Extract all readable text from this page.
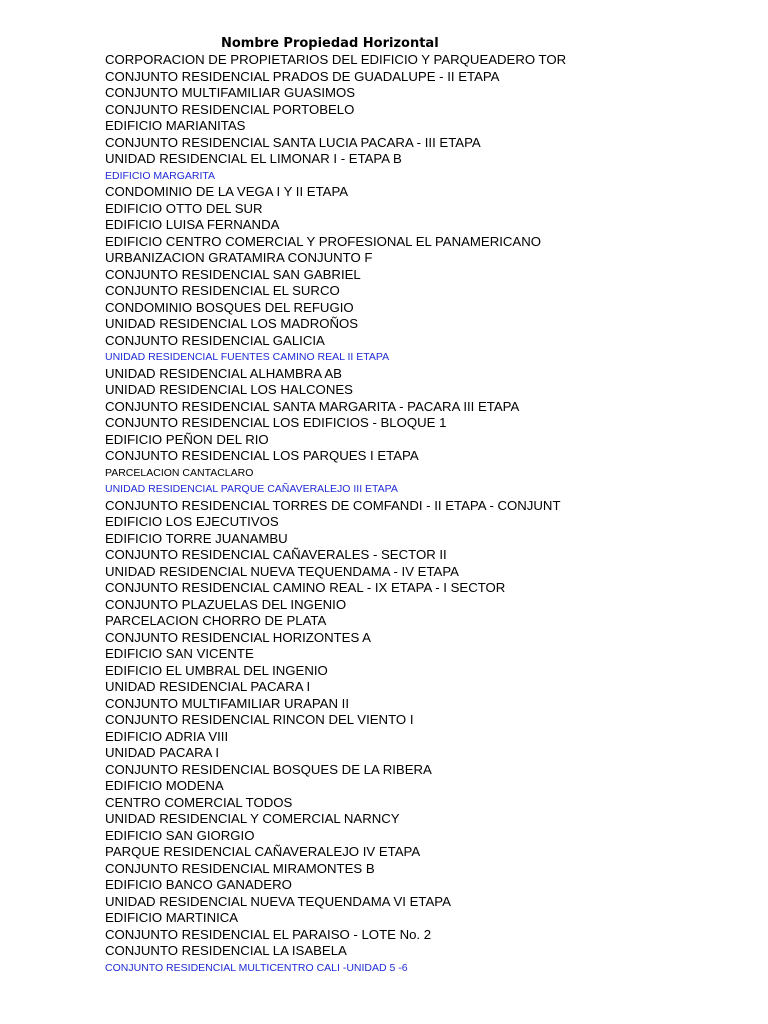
Nombre Propiedad Horizontal
CORPORACION DE PROPIETARIOS DEL EDIFICIO Y PARQUEADERO TOR
CONJUNTO RESIDENCIAL PRADOS DE GUADALUPE - II ETAPA
CONJUNTO MULTIFAMILIAR GUASIMOS
CONJUNTO RESIDENCIAL PORTOBELO
EDIFICIO MARIANITAS
CONJUNTO RESIDENCIAL SANTA LUCIA PACARA - III ETAPA
UNIDAD RESIDENCIAL EL LIMONAR I - ETAPA B
EDIFICIO MARGARITA
CONDOMINIO DE LA VEGA I Y II ETAPA
EDIFICIO OTTO DEL SUR
EDIFICIO LUISA FERNANDA
EDIFICIO CENTRO COMERCIAL Y PROFESIONAL EL PANAMERICANO
URBANIZACION GRATAMIRA CONJUNTO F
CONJUNTO RESIDENCIAL SAN GABRIEL
CONJUNTO RESIDENCIAL EL SURCO
CONDOMINIO BOSQUES DEL REFUGIO
UNIDAD RESIDENCIAL LOS MADROÑOS
CONJUNTO RESIDENCIAL GALICIA
UNIDAD RESIDENCIAL FUENTES CAMINO REAL II ETAPA
UNIDAD RESIDENCIAL ALHAMBRA AB
UNIDAD RESIDENCIAL LOS HALCONES
CONJUNTO RESIDENCIAL SANTA MARGARITA - PACARA III ETAPA
CONJUNTO RESIDENCIAL LOS EDIFICIOS - BLOQUE 1
EDIFICIO PEÑON DEL RIO
CONJUNTO RESIDENCIAL LOS PARQUES I ETAPA
PARCELACION CANTACLARO
UNIDAD RESIDENCIAL PARQUE CAÑAVERALEJO III ETAPA
CONJUNTO RESIDENCIAL TORRES DE COMFANDI - II ETAPA - CONJUNT
EDIFICIO LOS EJECUTIVOS
EDIFICIO TORRE JUANAMBU
CONJUNTO RESIDENCIAL CAÑAVERALES - SECTOR II
UNIDAD RESIDENCIAL NUEVA TEQUENDAMA - IV ETAPA
CONJUNTO RESIDENCIAL CAMINO REAL - IX ETAPA - I SECTOR
CONJUNTO PLAZUELAS DEL INGENIO
PARCELACION CHORRO DE PLATA
CONJUNTO RESIDENCIAL HORIZONTES A
EDIFICIO SAN VICENTE
EDIFICIO EL UMBRAL DEL INGENIO
UNIDAD RESIDENCIAL PACARA I
CONJUNTO MULTIFAMILIAR URAPAN II
CONJUNTO RESIDENCIAL RINCON DEL VIENTO I
EDIFICIO ADRIA VIII
UNIDAD PACARA I
CONJUNTO RESIDENCIAL BOSQUES DE LA RIBERA
EDIFICIO MODENA
CENTRO COMERCIAL TODOS
UNIDAD RESIDENCIAL Y COMERCIAL NARNCY
EDIFICIO SAN GIORGIO
PARQUE RESIDENCIAL CAÑAVERALEJO IV ETAPA
CONJUNTO RESIDENCIAL MIRAMONTES B
EDIFICIO BANCO GANADERO
UNIDAD RESIDENCIAL NUEVA TEQUENDAMA VI ETAPA
EDIFICIO MARTINICA
CONJUNTO RESIDENCIAL EL PARAISO - LOTE No. 2
CONJUNTO RESIDENCIAL LA ISABELA
CONJUNTO RESIDENCIAL MULTICENTRO CALI -UNIDAD 5 -6
